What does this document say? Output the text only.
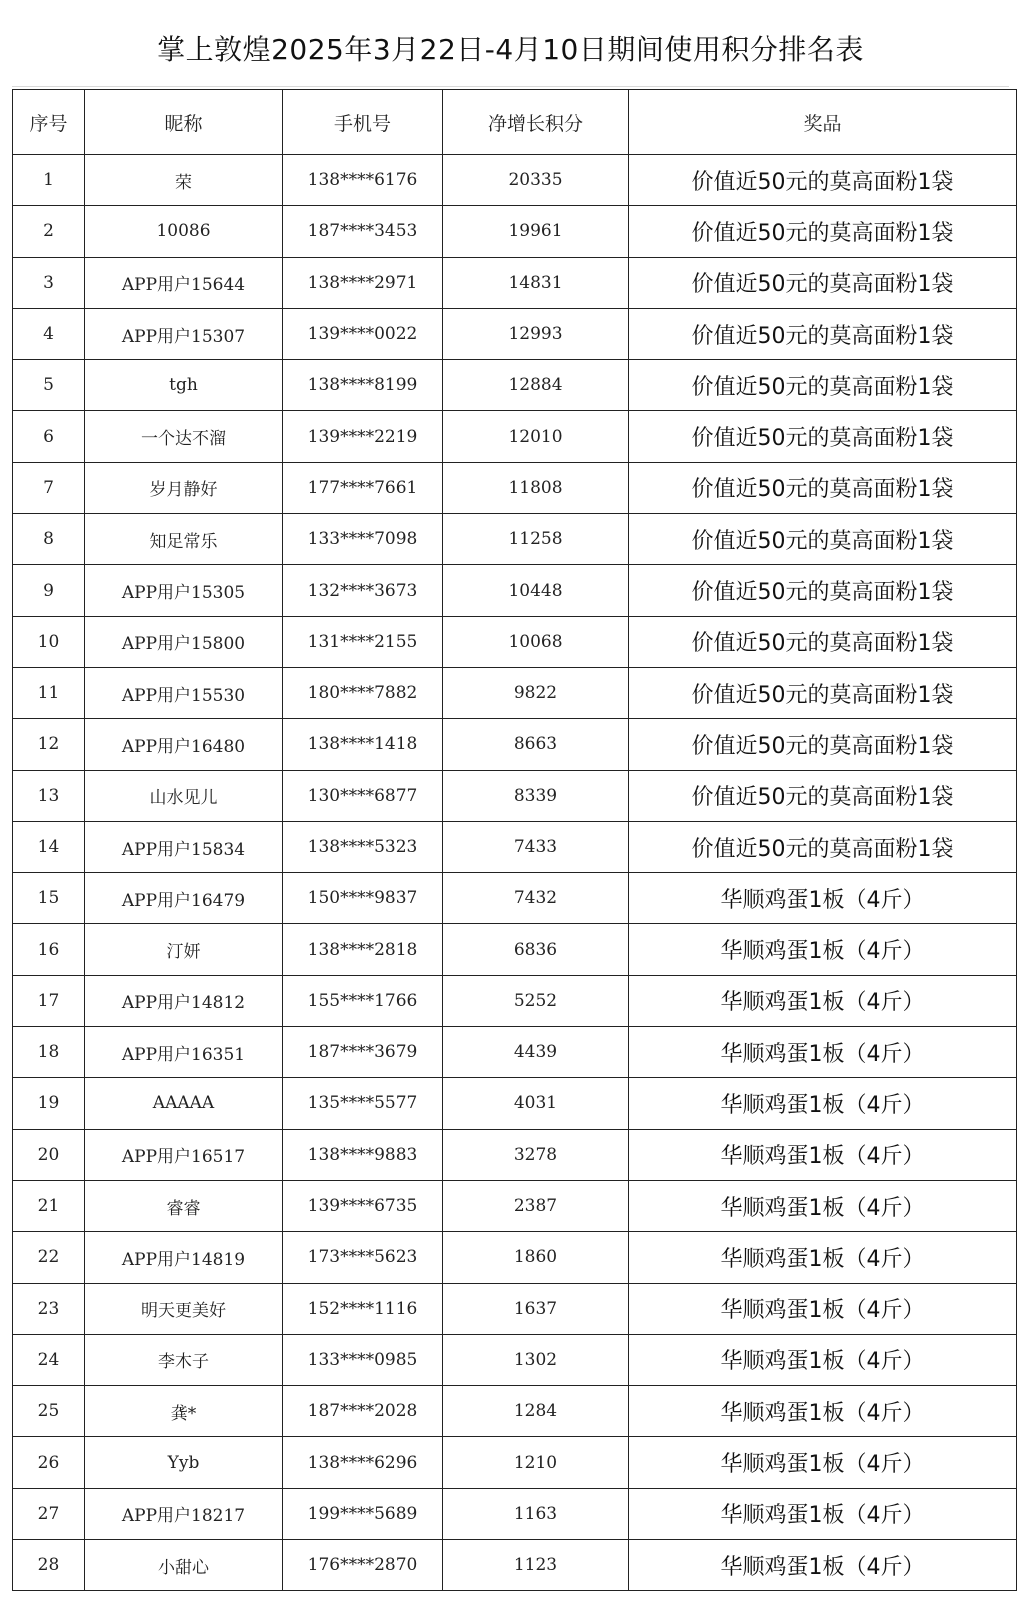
掌上敦煌2025年3月22日-4月10日期间使用积分排名表
序号	昵称	手机号	净增长积分	奖品
1	荣	138****6176	20335	价值近50元的莫高面粉1袋
2	10086	187****3453	19961	价值近50元的莫高面粉1袋
3	APP用户15644	138****2971	14831	价值近50元的莫高面粉1袋
4	APP用户15307	139****0022	12993	价值近50元的莫高面粉1袋
5	tgh	138****8199	12884	价值近50元的莫高面粉1袋
6	一个达不溜	139****2219	12010	价值近50元的莫高面粉1袋
7	岁月静好	177****7661	11808	价值近50元的莫高面粉1袋
8	知足常乐	133****7098	11258	价值近50元的莫高面粉1袋
9	APP用户15305	132****3673	10448	价值近50元的莫高面粉1袋
10	APP用户15800	131****2155	10068	价值近50元的莫高面粉1袋
11	APP用户15530	180****7882	9822	价值近50元的莫高面粉1袋
12	APP用户16480	138****1418	8663	价值近50元的莫高面粉1袋
13	山水见儿	130****6877	8339	价值近50元的莫高面粉1袋
14	APP用户15834	138****5323	7433	价值近50元的莫高面粉1袋
15	APP用户16479	150****9837	7432	华顺鸡蛋1板（4斤）
16	汀妍	138****2818	6836	华顺鸡蛋1板（4斤）
17	APP用户14812	155****1766	5252	华顺鸡蛋1板（4斤）
18	APP用户16351	187****3679	4439	华顺鸡蛋1板（4斤）
19	AAAAA	135****5577	4031	华顺鸡蛋1板（4斤）
20	APP用户16517	138****9883	3278	华顺鸡蛋1板（4斤）
21	睿睿	139****6735	2387	华顺鸡蛋1板（4斤）
22	APP用户14819	173****5623	1860	华顺鸡蛋1板（4斤）
23	明天更美好	152****1116	1637	华顺鸡蛋1板（4斤）
24	李木子	133****0985	1302	华顺鸡蛋1板（4斤）
25	龚*	187****2028	1284	华顺鸡蛋1板（4斤）
26	Yyb	138****6296	1210	华顺鸡蛋1板（4斤）
27	APP用户18217	199****5689	1163	华顺鸡蛋1板（4斤）
28	小甜心	176****2870	1123	华顺鸡蛋1板（4斤）
